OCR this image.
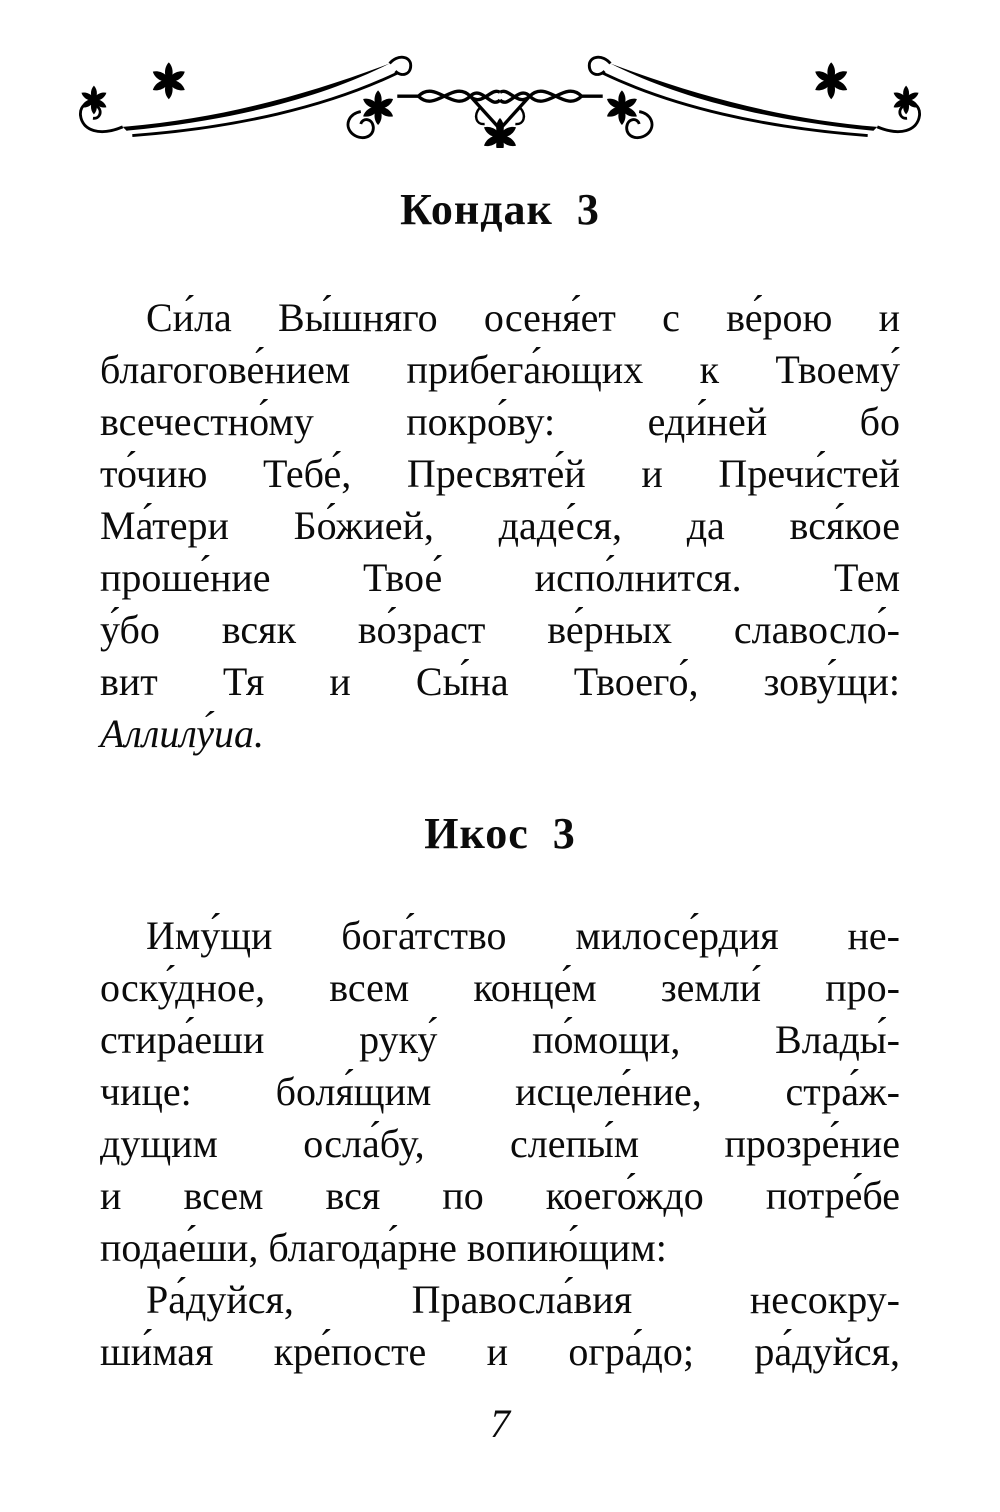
Кондак 3
Си́ла Вы́шняго осеня́ет с ве́рою и
благогове́нием прибега́ющих к Твоему́
всечестно́му покро́ву: еди́ней бо
то́чию Тебе́, Пресвяте́й и Пречи́стей
Ма́тери Бо́жией, даде́ся, да вся́кое
проше́ние Твое́ испо́лнится. Тем
у́бо всяк во́зраст ве́рных славосло́-
вит Тя и Сы́на Твоего́, зову́щи:
Аллилу́иа.
Икос 3
Иму́щи бога́тство милосе́рдия не-
оску́дное, всем конце́м земли́ про-
стира́еши руку́ по́мощи, Влады́-
чице: боля́щим исцеле́ние, стра́ж-
дущим осла́бу, слепы́м прозре́ние
и всем вся по коего́ждо потре́бе
подае́ши, благода́рне вопию́щим:
Ра́дуйся, Правосла́вия несокру-
ши́мая кре́посте и огра́до; ра́дуйся,
7
